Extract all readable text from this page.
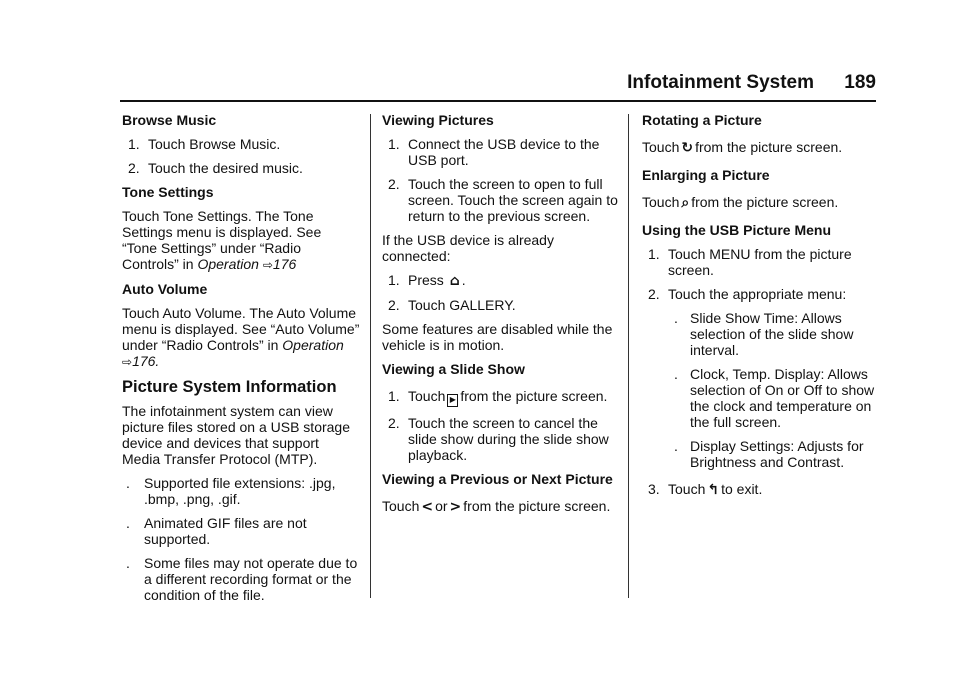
Infotainment System 189
Browse Music
1. Touch Browse Music.
2. Touch the desired music.
Tone Settings

Touch Tone Settings. The Tone Settings menu is displayed. See “Tone Settings” under “Radio Controls” in Operation ⇨176

Auto Volume

Touch Auto Volume. The Auto Volume menu is displayed. See “Auto Volume” under “Radio Controls” in Operation ⇨176.

Picture System Information

The infotainment system can view picture files stored on a USB storage device and devices that support Media Transfer Protocol (MTP).

.	Supported file extensions: .jpg, .bmp, .png, .gif.
.	Animated GIF files are not supported.
.	Some files may not operate due to a different recording format or the condition of the file.
Viewing Pictures
1. Connect the USB device to the USB port.
2. Touch the screen to open to full screen. Touch the screen again to return to the previous screen.

If the USB device is already connected:

1. Press ⌂ .
2. Touch GALLERY.

Some features are disabled while the vehicle is in motion.

Viewing a Slide Show
1. Touch ▶ from the picture screen.
2. Touch the screen to cancel the slide show during the slide show playback.
Viewing a Previous or Next Picture

Touch < or > from the picture screen.

Rotating a Picture

Touch ↻ from the picture screen.

Enlarging a Picture

Touch ⌕ from the picture screen.

Using the USB Picture Menu
1. Touch MENU from the picture screen.
2. Touch the appropriate menu:
. Slide Show Time: Allows selection of the slide show interval.
. Clock, Temp. Display: Allows selection of On or Off to show the clock and temperature on the full screen.
. Display Settings: Adjusts for Brightness and Contrast.
3. Touch ↰ to exit.
